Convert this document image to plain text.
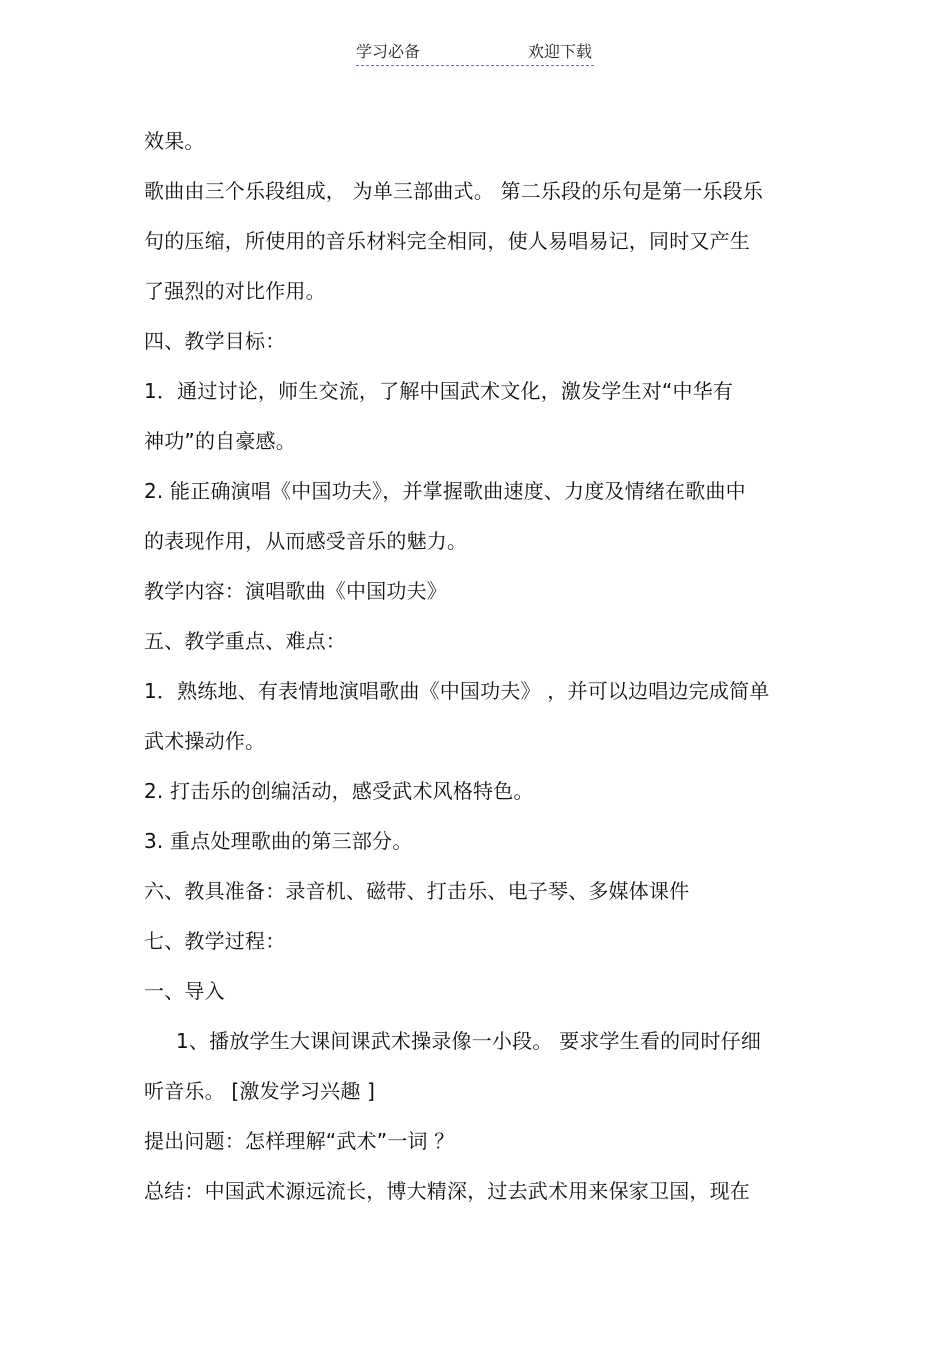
学习必备	欢迎下载
效果。
歌曲由三个乐段组成， 为单三部曲式。 第二乐段的乐句是第一乐段乐
句的压缩，所使用的音乐材料完全相同，使人易唱易记，同时又产生
了强烈的对比作用。
四、教学目标：
1．通过讨论，师生交流，了解中国武术文化，激发学生对“中华有
神功”的自豪感。
2. 能正确演唱《中国功夫》，并掌握歌曲速度、力度及情绪在歌曲中
的表现作用，从而感受音乐的魅力。
教学内容：演唱歌曲《中国功夫》
五、教学重点、难点：
1．熟练地、有表情地演唱歌曲《中国功夫》 ，并可以边唱边完成简单
武术操动作。
2. 打击乐的创编活动，感受武术风格特色。
3. 重点处理歌曲的第三部分。
六、教具准备：录音机、磁带、打击乐、电子琴、多媒体课件
七、教学过程：
一、导入
1、播放学生大课间课武术操录像一小段。 要求学生看的同时仔细
听音乐。 [激发学习兴趣 ]
提出问题：怎样理解“武术”一词 ？
总结：中国武术源远流长，博大精深，过去武术用来保家卫国，现在
